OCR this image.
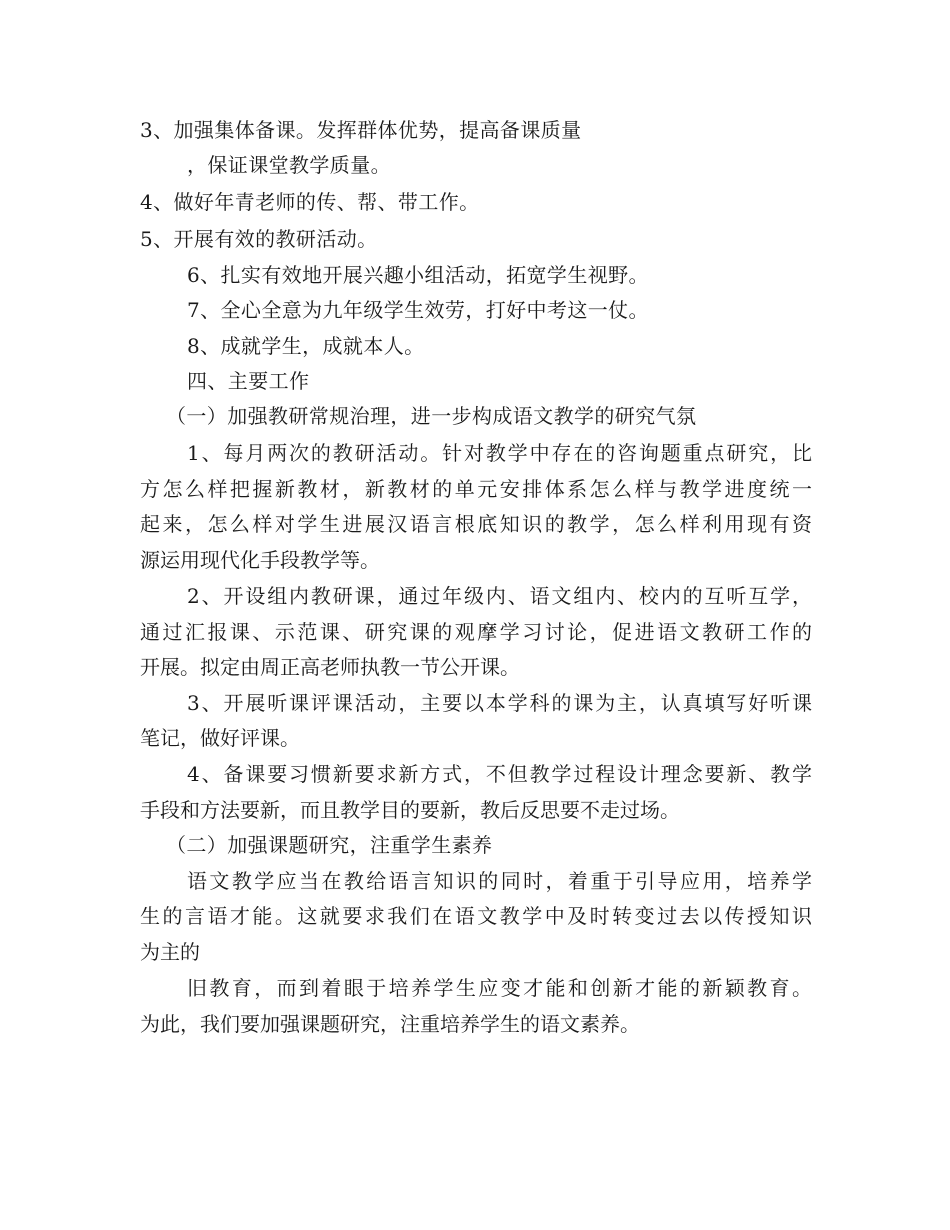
3、加强集体备课。发挥群体优势，提高备课质量
，保证课堂教学质量。
4、做好年青老师的传、帮、带工作。
5、开展有效的教研活动。
6、扎实有效地开展兴趣小组活动，拓宽学生视野。
7、全心全意为九年级学生效劳，打好中考这一仗。
8、成就学生，成就本人。
四、主要工作
（一）加强教研常规治理，进一步构成语文教学的研究气氛
1、每月两次的教研活动。针对教学中存在的咨询题重点研究，比
方怎么样把握新教材，新教材的单元安排体系怎么样与教学进度统一
起来，怎么样对学生进展汉语言根底知识的教学，怎么样利用现有资
源运用现代化手段教学等。
2、开设组内教研课，通过年级内、语文组内、校内的互听互学，
通过汇报课、示范课、研究课的观摩学习讨论，促进语文教研工作的
开展。拟定由周正高老师执教一节公开课。
3、开展听课评课活动，主要以本学科的课为主，认真填写好听课
笔记，做好评课。
4、备课要习惯新要求新方式，不但教学过程设计理念要新、教学
手段和方法要新，而且教学目的要新，教后反思要不走过场。
（二）加强课题研究，注重学生素养
语文教学应当在教给语言知识的同时，着重于引导应用，培养学
生的言语才能。这就要求我们在语文教学中及时转变过去以传授知识
为主的
旧教育，而到着眼于培养学生应变才能和创新才能的新颖教育。
为此，我们要加强课题研究，注重培养学生的语文素养。
